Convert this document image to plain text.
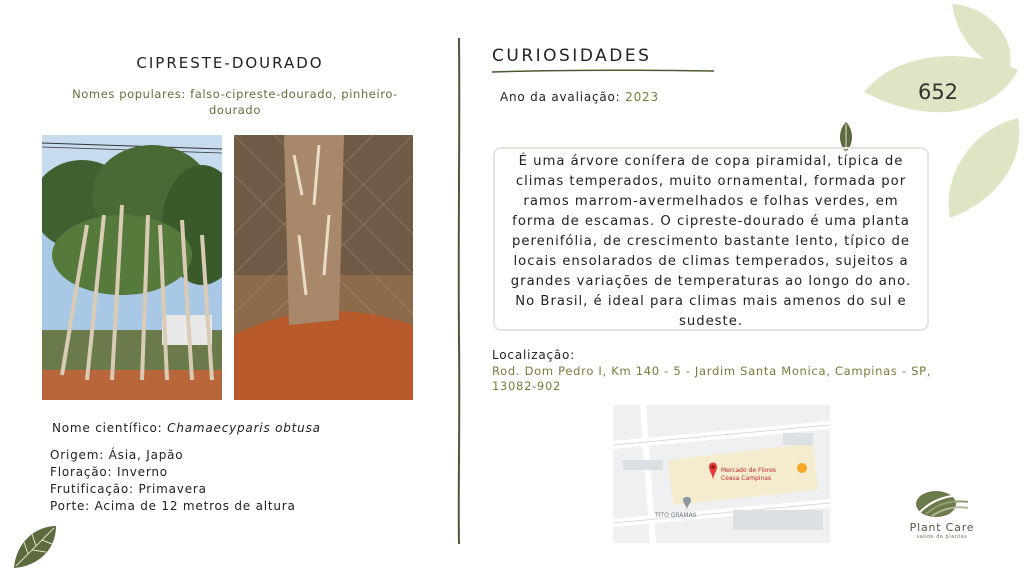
652
CIPRESTE-DOURADO
Nomes populares: falso-cipreste-dourado, pinheiro-dourado
Nome científico: Chamaecyparis obtusa
Origem: Ásia, Japão
Floração: Inverno
Frutificação: Primavera
Porte: Acima de 12 metros de altura
CURIOSIDADES
Ano da avaliação: 2023
É uma árvore conífera de copa piramidal, típica de climas temperados, muito ornamental, formada por ramos marrom-avermelhados e folhas verdes, em forma de escamas. O cipreste-dourado é uma planta perenifólia, de crescimento bastante lento, típico de locais ensolarados de climas temperados, sujeitos a grandes variações de temperaturas ao longo do ano. No Brasil, é ideal para climas mais amenos do sul e sudeste.
Localização:
Rod. Dom Pedro I, Km 140 - 5 - Jardim Santa Monica, Campinas - SP, 13082-902
Mercado de Flores
Ceasa Campinas
TITO GRAMAS
Plant Care
saúde de plantas
